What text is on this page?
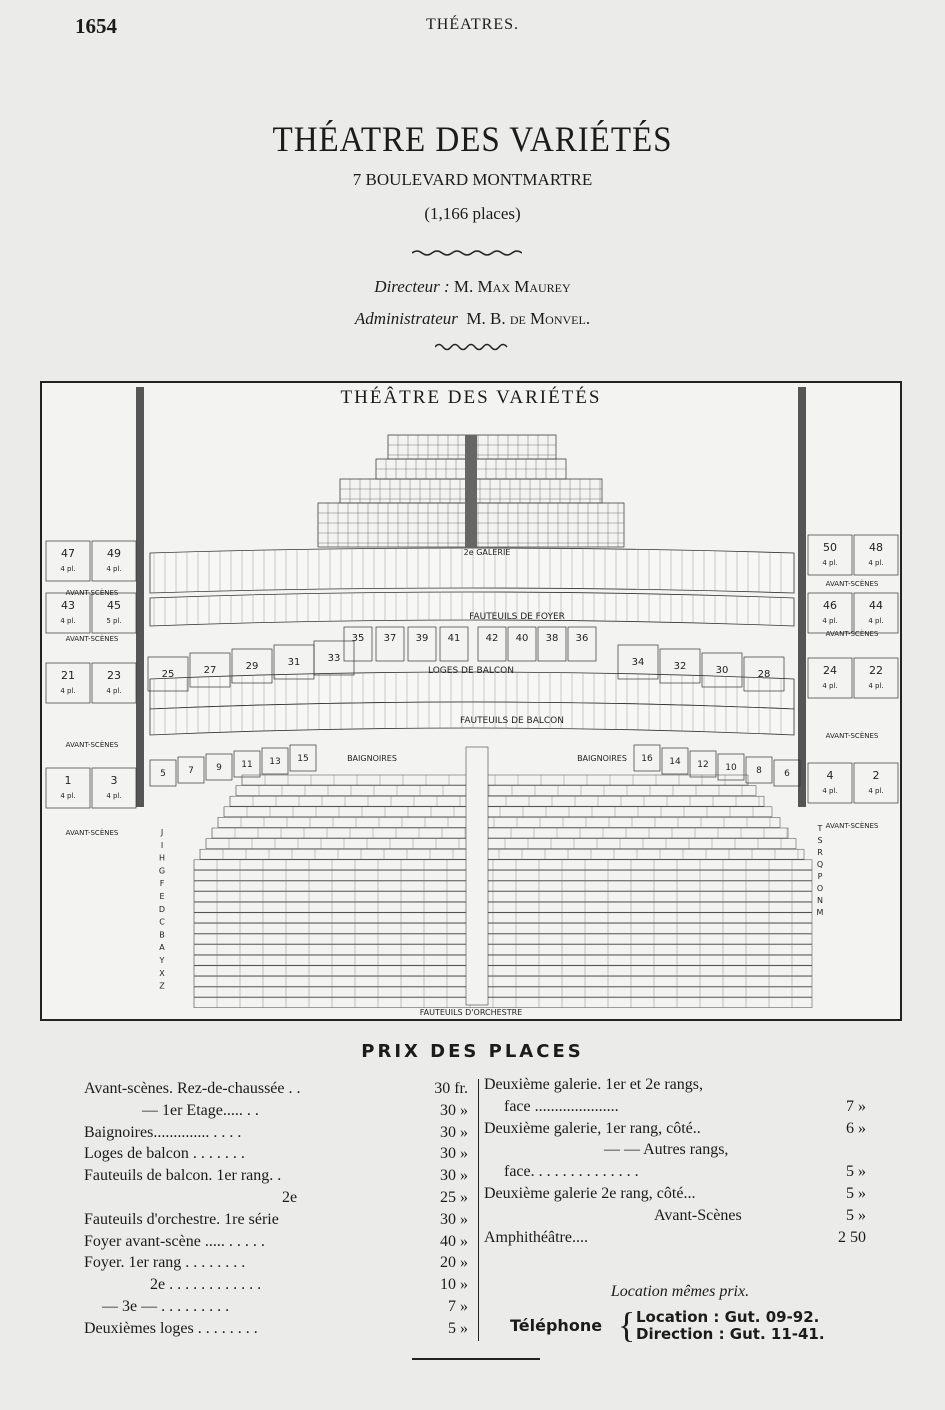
1654	THÉATRES.
THÉATRE DES VARIÉTÉS
7 BOULEVARD MONTMARTRE
(1,166 places)
Directeur : M. Max Maurey
Administrateur M. B. de Monvel.
THÉÂTRE DES VARIÉTÉS
47
4 pl.
49
4 pl.
43
4 pl.
45
5 pl.
21
4 pl.
23
4 pl.
1
4 pl.
3
4 pl.
50
4 pl.
48
4 pl.
46
4 pl.
44
4 pl.
24
4 pl.
22
4 pl.
4
4 pl.
2
4 pl.
AVANT-SCÈNES
AVANT-SCÈNES
AVANT-SCÈNES
AVANT-SCÈNES
AVANT-SCÈNES
AVANT-SCÈNES
AVANT-SCÈNES
AVANT-SCÈNES
2e GALERIE
FAUTEUILS DE FOYER
FAUTEUILS DE BALCON
35 37 39 41	42 40 38 36
LOGES DE BALCON
25	27	29	31	33	34	32	30	28
15
13
11
9
7
5
16 14 12 10 8 6
BAIGNOIRES	BAIGNOIRES
J
I
H
G
F
E
D
C
B
A
Y
X
Z
T
S
R
Q
P
O
N
M
FAUTEUILS D'ORCHESTRE
PRIX DES PLACES
Avant-scènes. Rez-de-chaussée . .	30 fr.
— 1er Etage..... . .	30 »
Baignoires.............. . . . .	30 »
Loges de balcon . . . . . . .	30 »
Fauteuils de balcon. 1er rang. .	30 »
2e	25 »
Fauteuils d'orchestre. 1re série	30 »
Foyer avant-scène ..... . . . . .	40 »
Foyer. 1er rang . . . . . . . .	20 »
2e . . . . . . . . . . . .	10 »
— 3e — . . . . . . . . .	7 »
Deuxièmes loges . . . . . . . .	5 »
Deuxième galerie. 1er et 2e rangs,
face .....................	7 »
Deuxième galerie, 1er rang, côté..	6 »
— — Autres rangs,
face. . . . . . . . . . . . . .	5 »
Deuxième galerie 2e rang, côté...	5 »
Avant-Scènes	5 »
Amphithéâtre....	2 50
Location mêmes prix.
Téléphone { Location : Gut. 09-92.
Direction : Gut. 11-41.
